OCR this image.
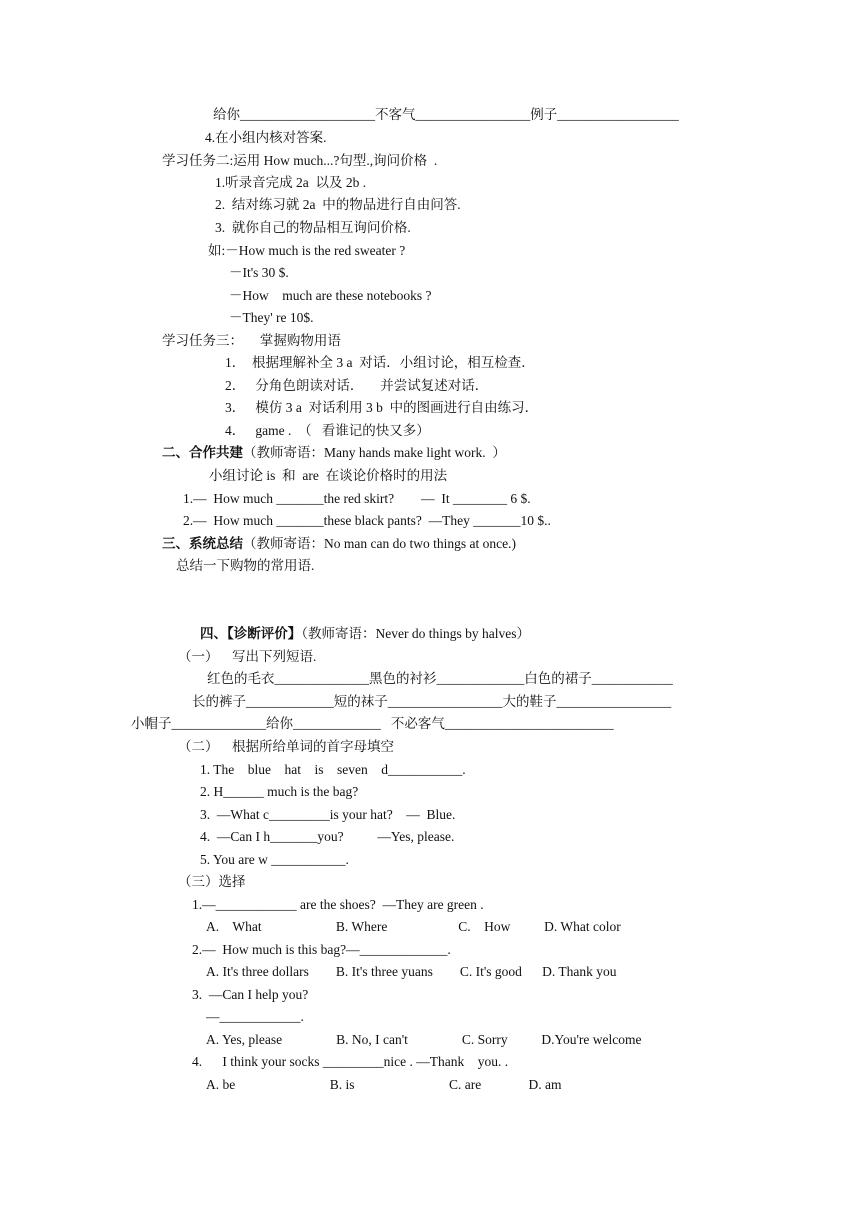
给你____________________不客气_________________例子__________________
4.在小组内核对答案.
学习任务二:运用 How much...?句型.,询问价格  .
1.听录音完成 2a  以及 2b .
2.  结对练习就 2a  中的物品进行自由问答.
3.  就你自己的物品相互询问价格.
如:－How much is the red sweater ?
－It's 30 $.
－How    much are these notebooks ?
－They' re 10$.
学习任务三：     掌握购物用语
1．  根据理解补全 3 a  对话．小组讨论，相互检查．
2．   分角色朗读对话．     并尝试复述对话．
3．   模仿 3 a  对话利用 3 b  中的图画进行自由练习．
4．   game .  （   看谁记的快又多）
二、合作共建（教师寄语：Many hands make light work.  ）
小组讨论 is  和  are  在谈论价格时的用法
1.—  How much _______the red skirt?        —  It ________ 6 $.
2.—  How much _______these black pants?  —They _______10 $..
三、系统总结（教师寄语：No man can do two things at once.)
总结一下购物的常用语.
四、【诊断评价】（教师寄语：Never do things by halves）
（一）    写出下列短语.
红色的毛衣______________黑色的衬衫_____________白色的裙子____________
长的裤子_____________短的袜子_________________大的鞋子_________________
小帽子______________给你_____________   不必客气_________________________
（二）    根据所给单词的首字母填空
1. The    blue    hat    is    seven    d___________.
2. H______ much is the bag?
3.  —What c_________is your hat?    —  Blue.
4.  —Can I h_______you?          —Yes, please.
5. You are w ___________.
（三）选择
1.—____________ are the shoes?  —They are green .
A.    What                      B. Where                     C.    How          D. What color
2.—  How much is this bag?—_____________.
A. It's three dollars        B. It's three yuans        C. It's good      D. Thank you
3.  —Can I help you?
—____________.
A. Yes, please                B. No, I can't                C. Sorry          D.You're welcome
4.      I think your socks _________nice . —Thank    you. .
A. be                            B. is                            C. are              D. am
